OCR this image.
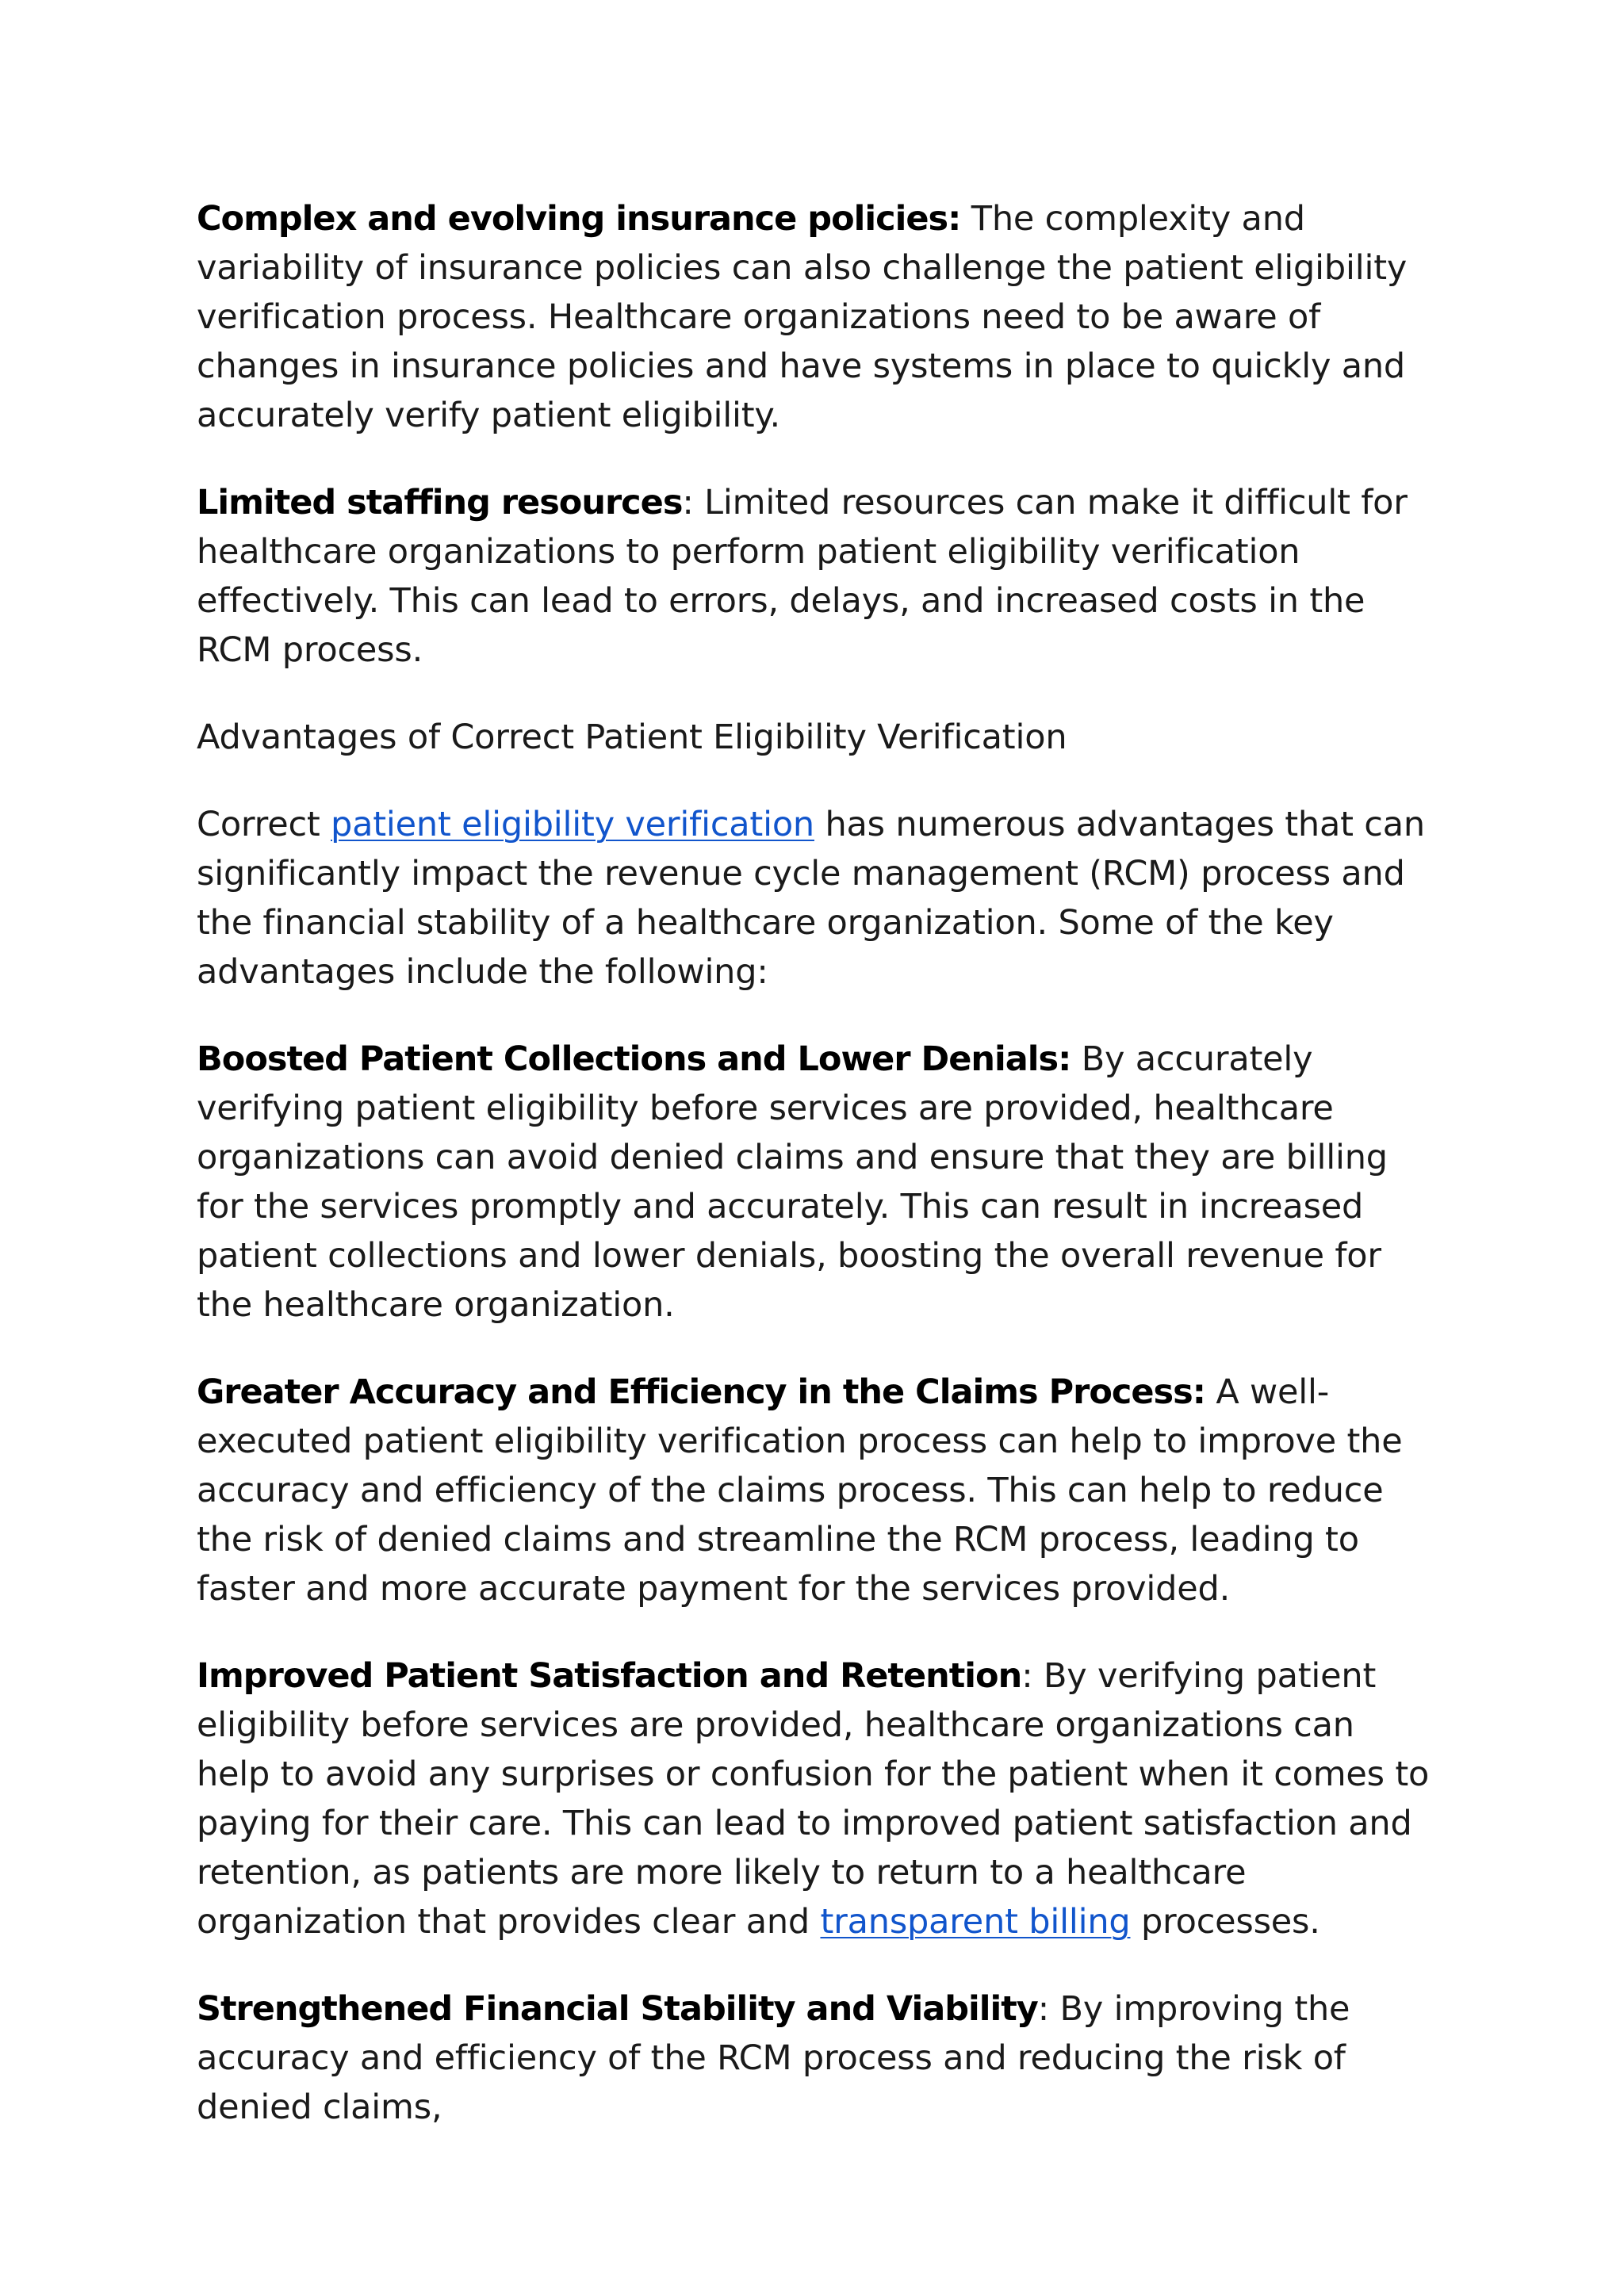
Complex and evolving insurance policies: The complexity and variability of insurance policies can also challenge the patient eligibility verification process. Healthcare organizations need to be aware of changes in insurance policies and have systems in place to quickly and accurately verify patient eligibility.

Limited staffing resources: Limited resources can make it difficult for healthcare organizations to perform patient eligibility verification effectively. This can lead to errors, delays, and increased costs in the RCM process.

Advantages of Correct Patient Eligibility Verification

Correct patient eligibility verification has numerous advantages that can significantly impact the revenue cycle management (RCM) process and the financial stability of a healthcare organization. Some of the key advantages include the following:

Boosted Patient Collections and Lower Denials: By accurately verifying patient eligibility before services are provided, healthcare organizations can avoid denied claims and ensure that they are billing for the services promptly and accurately. This can result in increased patient collections and lower denials, boosting the overall revenue for the healthcare organization.

Greater Accuracy and Efficiency in the Claims Process: A well-executed patient eligibility verification process can help to improve the accuracy and efficiency of the claims process. This can help to reduce the risk of denied claims and streamline the RCM process, leading to faster and more accurate payment for the services provided.

Improved Patient Satisfaction and Retention: By verifying patient eligibility before services are provided, healthcare organizations can help to avoid any surprises or confusion for the patient when it comes to paying for their care. This can lead to improved patient satisfaction and retention, as patients are more likely to return to a healthcare organization that provides clear and transparent billing processes.

Strengthened Financial Stability and Viability: By improving the accuracy and efficiency of the RCM process and reducing the risk of denied claims,
